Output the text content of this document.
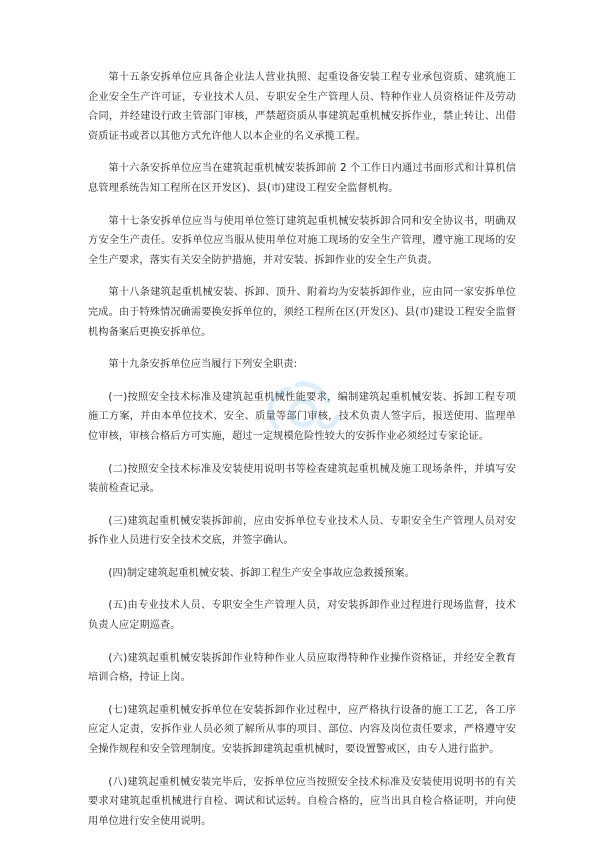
第十五条安拆单位应具备企业法人营业执照、起重设备安装工程专业承包资质、建筑施工企业安全生产许可证，专业技术人员、专职安全生产管理人员、特种作业人员资格证件及劳动合同，并经建设行政主管部门审核，严禁超资质从事建筑起重机械安拆作业，禁止转让、出借资质证书或者以其他方式允许他人以本企业的名义承揽工程。

第十六条安拆单位应当在建筑起重机械安装拆卸前 2 个工作日内通过书面形式和计算机信息管理系统告知工程所在区开发区)、县(市)建设工程安全监督机构。

第十七条安拆单位应当与使用单位签订建筑起重机械安装拆卸合同和安全协议书，明确双方安全生产责任。安拆单位应当服从使用单位对施工现场的安全生产管理，遵守施工现场的安全生产要求，落实有关安全防护措施，并对安装、拆卸作业的安全生产负责。

第十八条建筑起重机械安装、拆卸、顶升、附着均为安装拆卸作业，应由同一家安拆单位完成。由于特殊情况确需要换安拆单位的，须经工程所在区(开发区)、县(市)建设工程安全监督机构备案后更换安拆单位。

第十九条安拆单位应当履行下列安全职责:

(一)按照安全技术标准及建筑起重机械性能要求，编制建筑起重机械安装、拆卸工程专项施工方案，并由本单位技术、安全、质量等部门审核，技术负责人签字后，报送使用、监理单位审核，审核合格后方可实施，超过一定规模危险性较大的安拆作业必须经过专家论证。

(二)按照安全技术标准及安装使用说明书等检查建筑起重机械及施工现场条件，并填写安装前检查记录。

(三)建筑起重机械安装拆卸前，应由安拆单位专业技术人员、专职安全生产管理人员对安拆作业人员进行安全技术交底，并签字确认。

(四)制定建筑起重机械安装、拆卸工程生产安全事故应急救援预案。

(五)由专业技术人员、专职安全生产管理人员，对安装拆卸作业过程进行现场监督，技术负责人应定期巡查。

(六)建筑起重机械安装拆卸作业特种作业人员应取得特种作业操作资格证，并经安全教育培训合格，持证上岗。

(七)建筑起重机械安拆单位在安装拆卸作业过程中，应严格执行设备的施工工艺，各工序应定人定责，安拆作业人员必须了解所从事的项目、部位、内容及岗位责任要求，严格遵守安全操作规程和安全管理制度。安装拆卸建筑起重机械时，要设置警戒区，由专人进行监护。

(八)建筑起重机械安装完毕后，安拆单位应当按照安全技术标准及安装使用说明书的有关要求对建筑起重机械进行自检、调试和试运转。自检合格的，应当出具自检合格证明，并向使用单位进行安全使用说明。
